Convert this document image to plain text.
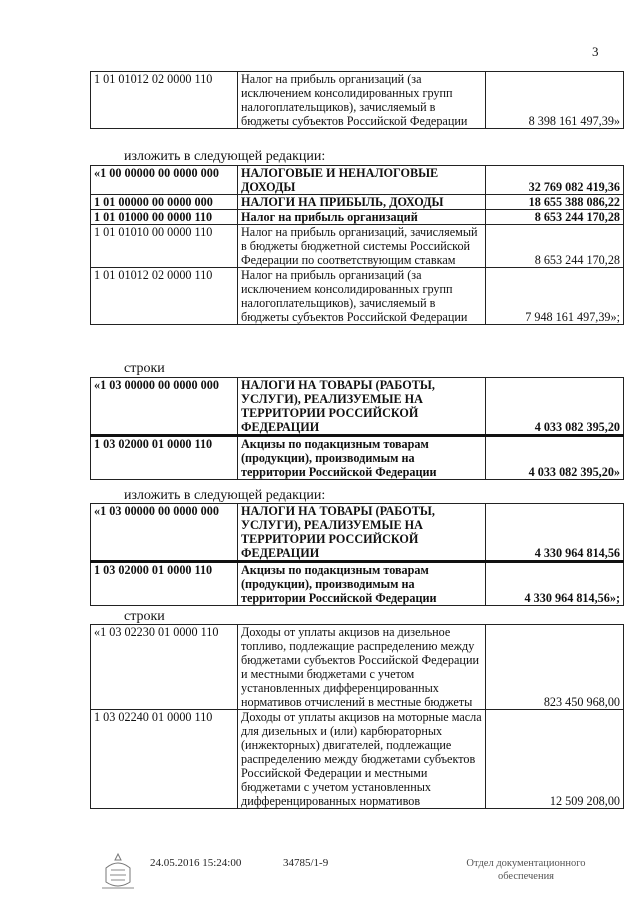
3
1 01 01012 02 0000 110	Налог на прибыль организаций (за исключением консолидированных групп налогоплательщиков), зачисляемый в бюджеты субъектов Российской Федерации	8 398 161 497,39»
изложить в следующей редакции:
«1 00 00000 00 0000 000	НАЛОГОВЫЕ И НЕНАЛОГОВЫЕ ДОХОДЫ	32 769 082 419,36
1 01 00000 00 0000 000	НАЛОГИ НА ПРИБЫЛЬ, ДОХОДЫ	18 655 388 086,22
1 01 01000 00 0000 110	Налог на прибыль организаций	8 653 244 170,28
1 01 01010 00 0000 110	Налог на прибыль организаций, зачисляемый в бюджеты бюджетной системы Российской Федерации по соответствующим ставкам	8 653 244 170,28
1 01 01012 02 0000 110	Налог на прибыль организаций (за исключением консолидированных групп налогоплательщиков), зачисляемый в бюджеты субъектов Российской Федерации	7 948 161 497,39»;
строки
«1 03 00000 00 0000 000	НАЛОГИ НА ТОВАРЫ (РАБОТЫ, УСЛУГИ), РЕАЛИЗУЕМЫЕ НА ТЕРРИТОРИИ РОССИЙСКОЙ ФЕДЕРАЦИИ	4 033 082 395,20
1 03 02000 01 0000 110	Акцизы по подакцизным товарам (продукции), производимым на территории Российской Федерации	4 033 082 395,20»
изложить в следующей редакции:
«1 03 00000 00 0000 000	НАЛОГИ НА ТОВАРЫ (РАБОТЫ, УСЛУГИ), РЕАЛИЗУЕМЫЕ НА ТЕРРИТОРИИ РОССИЙСКОЙ ФЕДЕРАЦИИ	4 330 964 814,56
1 03 02000 01 0000 110	Акцизы по подакцизным товарам (продукции), производимым на территории Российской Федерации	4 330 964 814,56»;
строки
«1 03 02230 01 0000 110	Доходы от уплаты акцизов на дизельное топливо, подлежащие распределению между бюджетами субъектов Российской Федерации и местными бюджетами с учетом установленных дифференцированных нормативов отчислений в местные бюджеты	823 450 968,00
1 03 02240 01 0000 110	Доходы от уплаты акцизов на моторные масла для дизельных и (или) карбюраторных (инжекторных) двигателей, подлежащие распределению между бюджетами субъектов Российской Федерации и местными бюджетами с учетом установленных дифференцированных нормативов	12 509 208,00
24.05.2016 15:24:00	34785/1-9	Отдел документационного обеспечения
